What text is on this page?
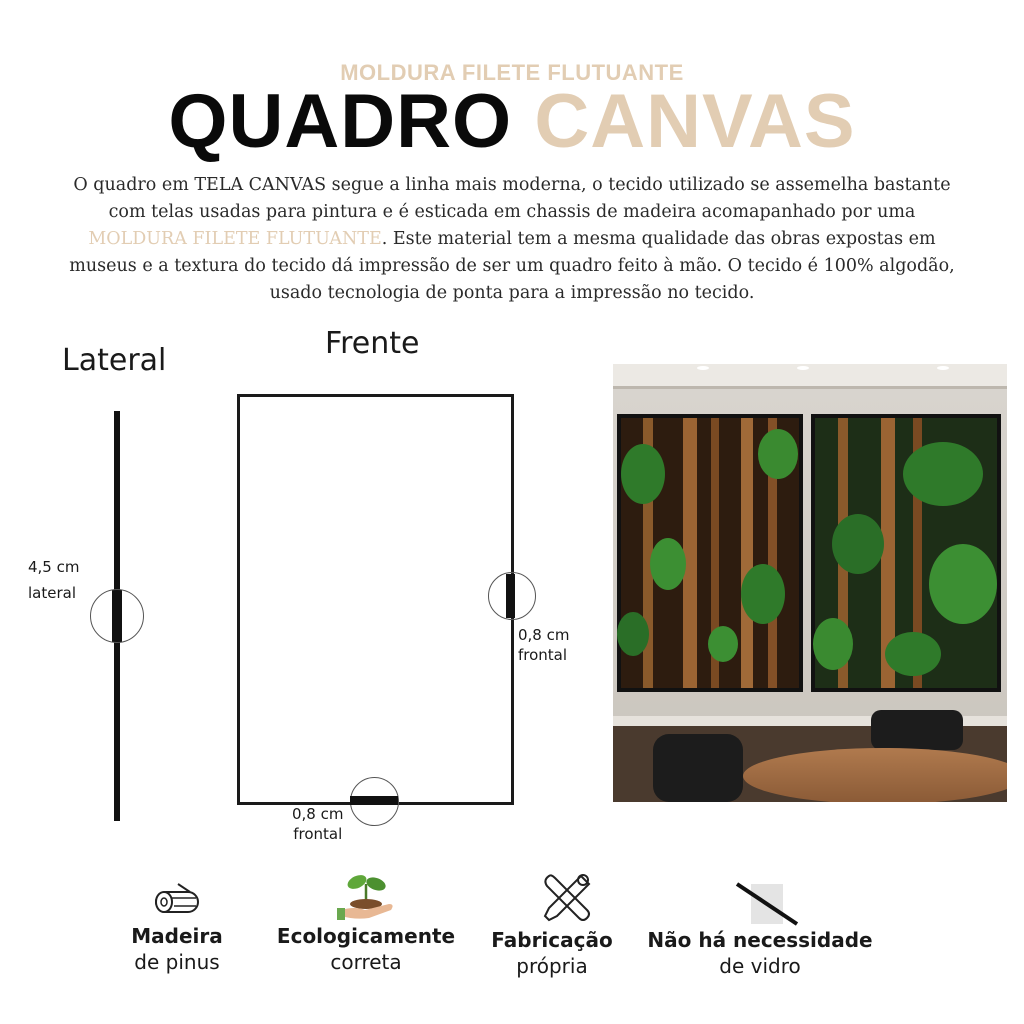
MOLDURA FILETE FLUTUANTE
QUADRO CANVAS
O quadro em TELA CANVAS segue a linha mais moderna, o tecido utilizado se assemelha bastante
com telas usadas para pintura e é esticada em chassis de madeira acomapanhado por uma
MOLDURA FILETE FLUTUANTE. Este material tem a mesma qualidade das obras expostas em
museus e a textura do tecido dá impressão de ser um quadro feito à mão. O tecido é 100% algodão,
usado tecnologia de ponta para a impressão no tecido.
Lateral
4,5 cm
lateral
Frente
0,8 cm
frontal
0,8 cm
frontal
Madeira
de pinus
Ecologicamente
correta
Fabricação
própria
Não há necessidade
de vidro
